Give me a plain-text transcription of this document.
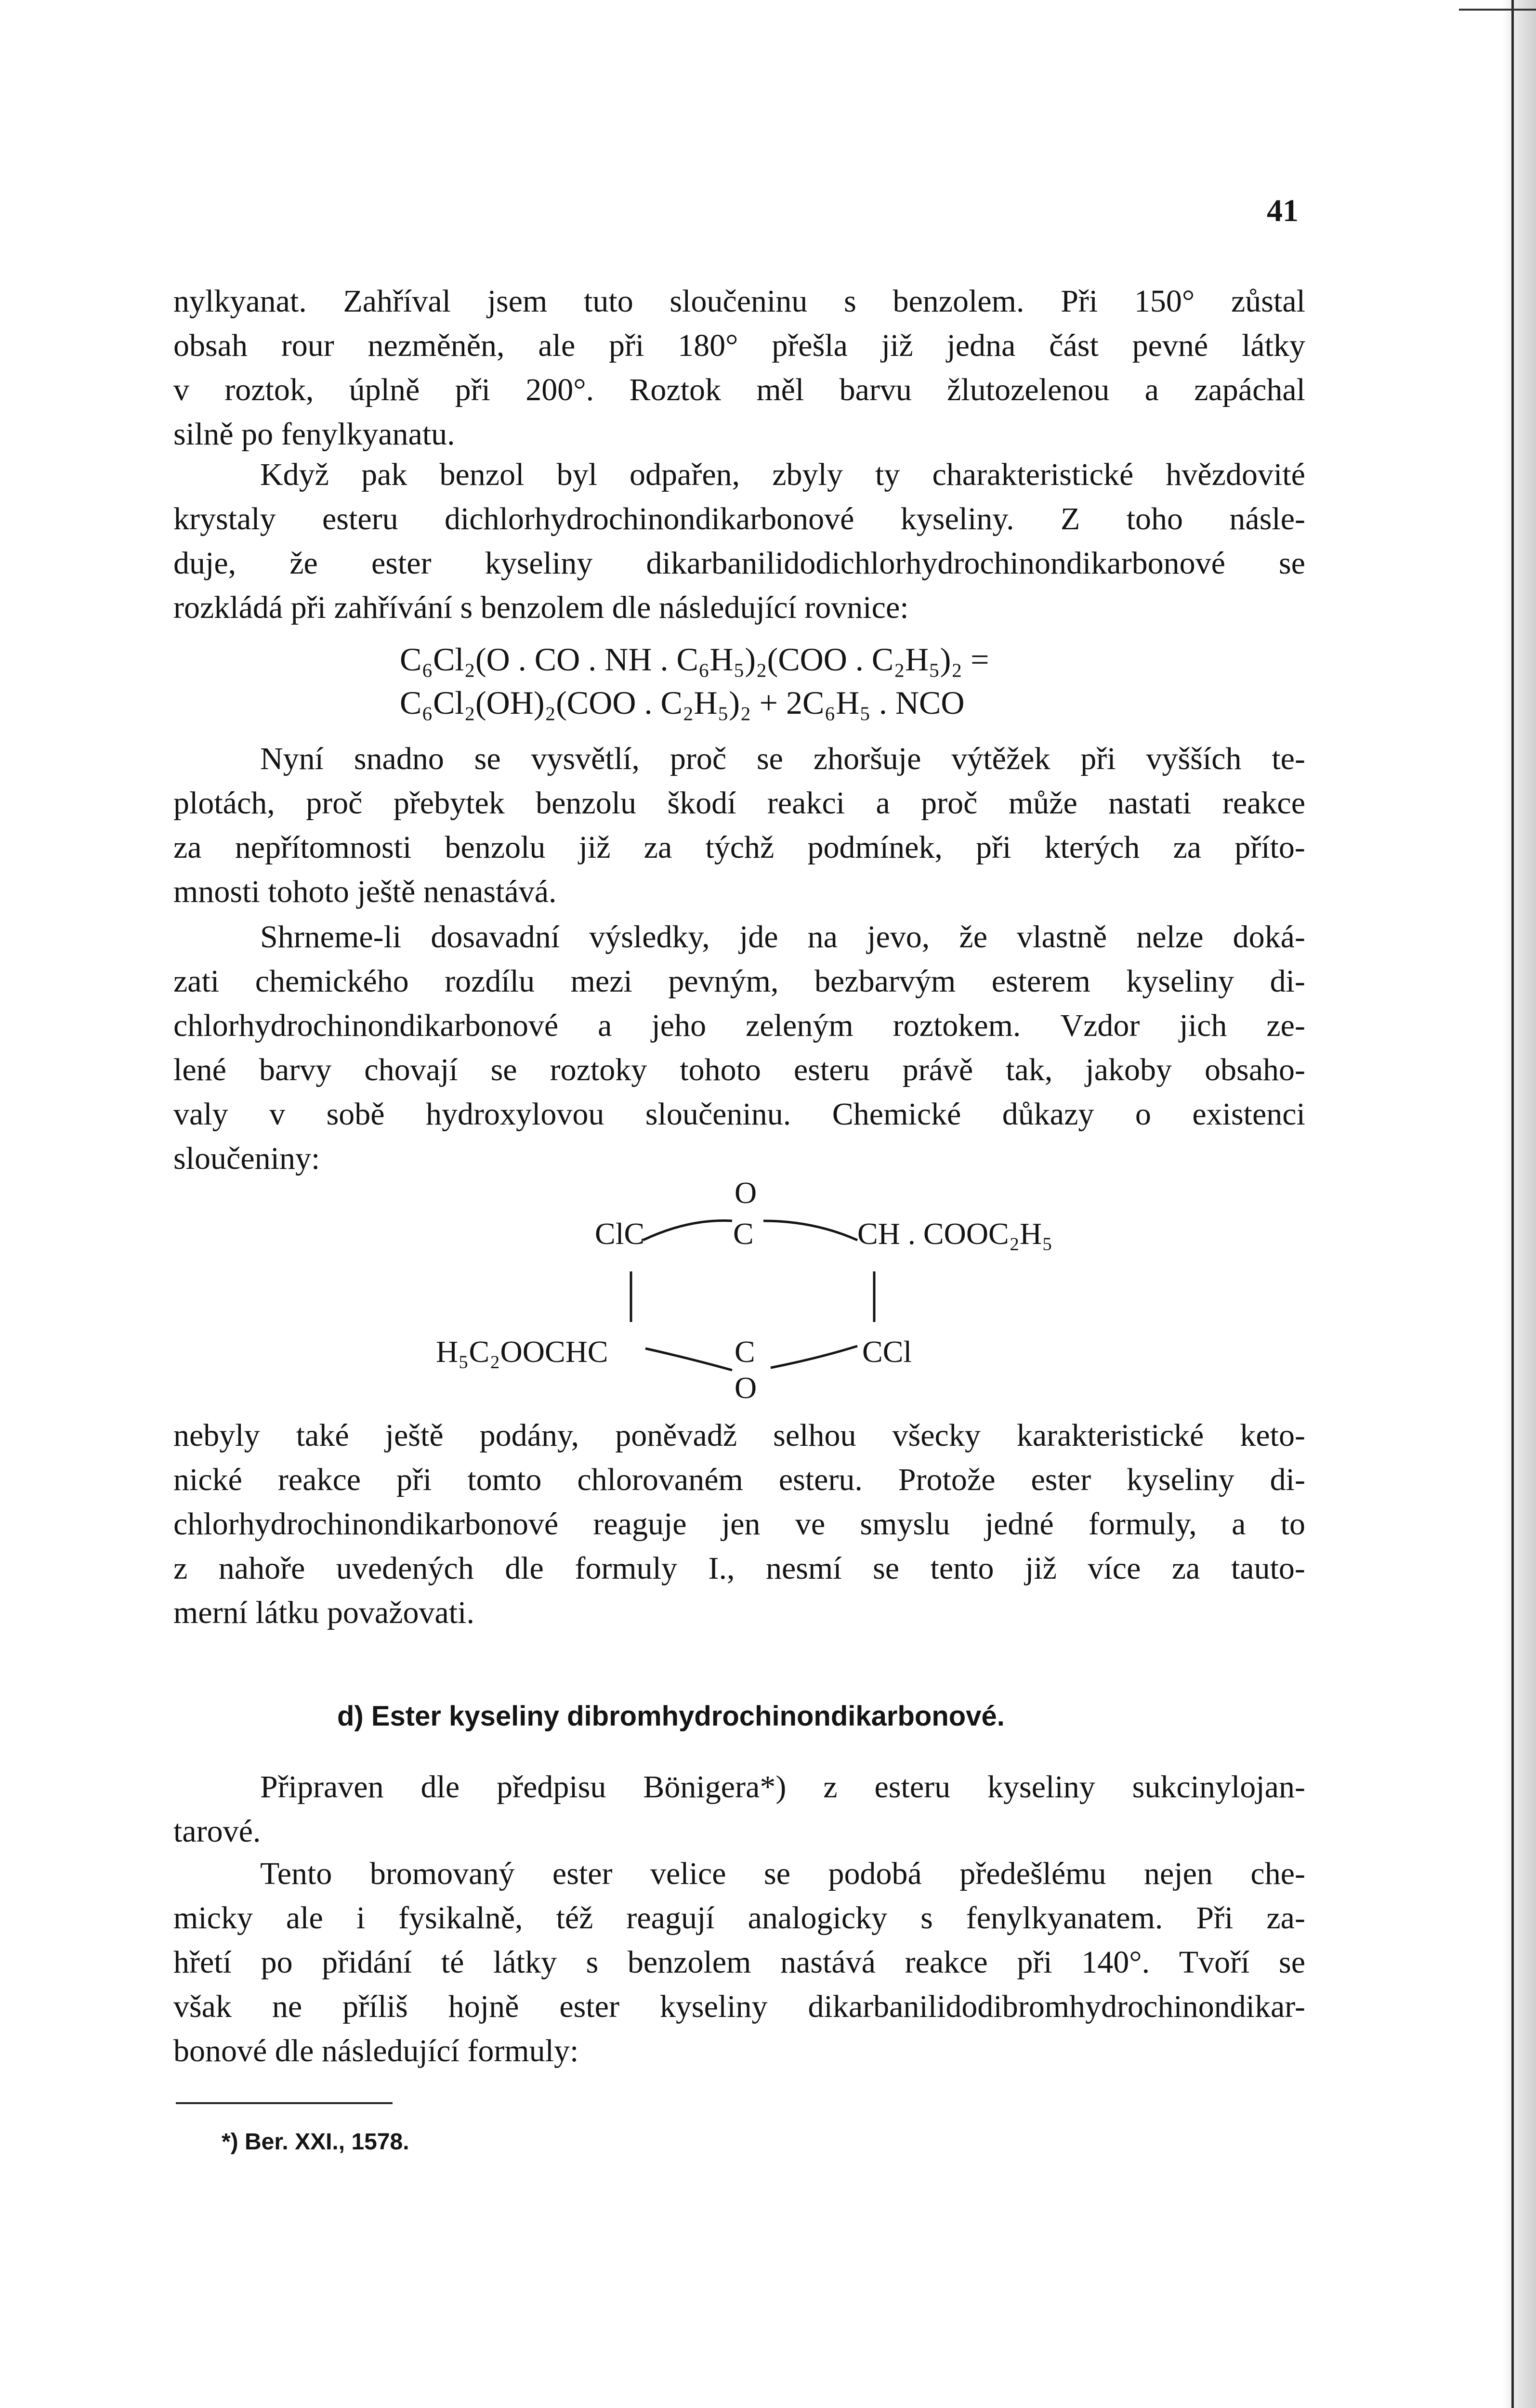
41
nylkyanat. Zahříval jsem tuto sloučeninu s benzolem. Při 150° zůstal
obsah rour nezměněn, ale při 180° přešla již jedna část pevné látky
v roztok, úplně při 200°. Roztok měl barvu žlutozelenou a zapáchal
silně po fenylkyanatu.
Když pak benzol byl odpařen, zbyly ty charakteristické hvězdovité
krystaly esteru dichlorhydrochinondikarbonové kyseliny. Z toho násle-
duje, že ester kyseliny dikarbanilidodichlorhydrochinondikarbonové se
rozkládá při zahřívání s benzolem dle následující rovnice:
C₆Cl₂(O . CO . NH . C₆H₅)₂(COO . C₂H₅)₂ =
C₆Cl₂(OH)₂(COO . C₂H₅)₂ + 2C₆H₅ . NCO
Nyní snadno se vysvětlí, proč se zhoršuje výtěžek při vyšších te-
plotách, proč přebytek benzolu škodí reakci a proč může nastati reakce
za nepřítomnosti benzolu již za týchž podmínek, při kterých za příto-
mnosti tohoto ještě nenastává.
Shrneme-li dosavadní výsledky, jde na jevo, že vlastně nelze doká-
zati chemického rozdílu mezi pevným, bezbarvým esterem kyseliny di-
chlorhydrochinondikarbonové a jeho zeleným roztokem. Vzdor jich ze-
lené barvy chovají se roztoky tohoto esteru právě tak, jakoby obsaho-
valy v sobě hydroxylovou sloučeninu. Chemické důkazy o existenci
sloučeniny:
O
ClC	C	CH . COOC₂H₅
H₅C₂OOCHC	C	CCl
O
nebyly také ještě podány, poněvadž selhou všecky karakteristické keto-
nické reakce při tomto chlorovaném esteru. Protože ester kyseliny di-
chlorhydrochinondikarbonové reaguje jen ve smyslu jedné formuly, a to
z nahoře uvedených dle formuly I., nesmí se tento již více za tauto-
merní látku považovati.
d) Ester kyseliny dibromhydrochinondikarbonové.
Připraven dle předpisu Bönigera*) z esteru kyseliny sukcinylojan-
tarové.
Tento bromovaný ester velice se podobá předešlému nejen che-
micky ale i fysikalně, též reagují analogicky s fenylkyanatem. Při za-
hřetí po přidání té látky s benzolem nastává reakce při 140°. Tvoří se
však ne příliš hojně ester kyseliny dikarbanilidodibromhydrochinondikar-
bonové dle následující formuly:
*) Ber. XXI., 1578.
